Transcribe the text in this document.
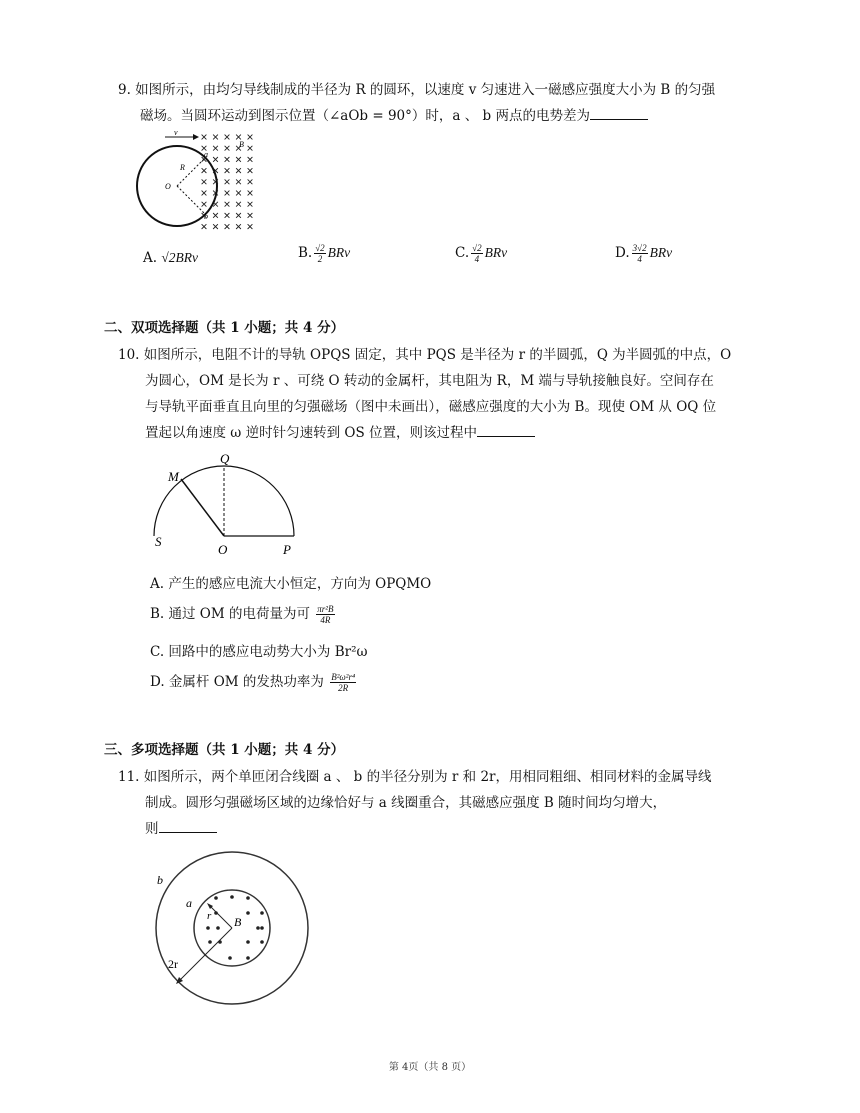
9. 如图所示，由均匀导线制成的半径为 R 的圆环，以速度 v 匀速进入一磁感应强度大小为 B 的匀强
磁场。当圆环运动到图示位置（∠aOb = 90°）时，a 、 b 两点的电势差为
v
R
O
a
b
B
A. √2BRv	B. $\frac{√2}{2}$ BRv	C. $\frac{√2}{4}$ BRv	D. $\frac{3√2}{4}$ BRv
二、双项选择题（共 1 小题；共 4 分）
10. 如图所示，电阻不计的导轨 OPQS 固定，其中 PQS 是半径为 r 的半圆弧，Q 为半圆弧的中点，O
为圆心，OM 是长为 r 、可绕 O 转动的金属杆，其电阻为 R，M 端与导轨接触良好。空间存在
与导轨平面垂直且向里的匀强磁场（图中未画出），磁感应强度的大小为 B。现使 OM 从 OQ 位
置起以角速度 ω 逆时针匀速转到 OS 位置，则该过程中
M
Q
S
O	P
A. 产生的感应电流大小恒定，方向为 OPQMO
B. 通过 OM 的电荷量为可 $\frac{\text{πr²B}}{4R}$
C. 回路中的感应电动势大小为 Br²ω
D. 金属杆 OM 的发热功率为 $\frac{\text{B²ω²r⁴}}{2R}$
三、多项选择题（共 1 小题；共 4 分）
11. 如图所示，两个单匝闭合线圈 a 、 b 的半径分别为 r 和 2r，用相同粗细、相同材料的金属导线
制成。圆形匀强磁场区域的边缘恰好与 a 线圈重合，其磁感应强度 B 随时间均匀增大，
则
b
a
r B
2r
第 4页（共 8 页）
